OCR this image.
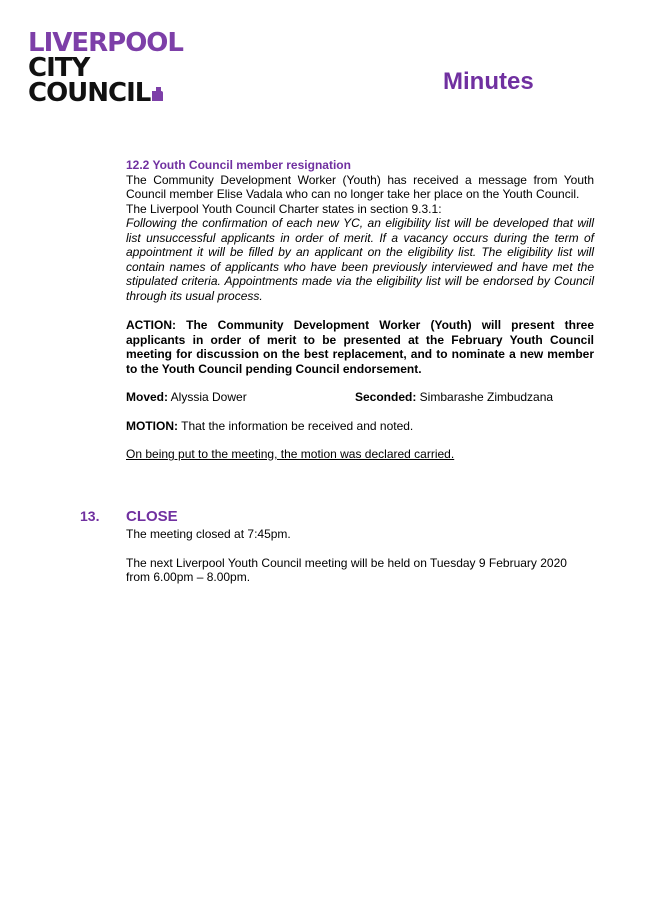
LIVERPOOL
CITY
COUNCIL	Minutes

12.2 Youth Council member resignation

The Community Development Worker (Youth) has received a message from Youth Council member Elise Vadala who can no longer take her place on the Youth Council.

The Liverpool Youth Council Charter states in section 9.3.1:

Following the confirmation of each new YC, an eligibility list will be developed that will list unsuccessful applicants in order of merit. If a vacancy occurs during the term of appointment it will be filled by an applicant on the eligibility list. The eligibility list will contain names of applicants who have been previously interviewed and have met the stipulated criteria. Appointments made via the eligibility list will be endorsed by Council through its usual process.

ACTION: The Community Development Worker (Youth) will present three applicants in order of merit to be presented at the February Youth Council meeting for discussion on the best replacement, and to nominate a new member to the Youth Council pending Council endorsement.

Moved: Alyssia Dower	Seconded: Simbarashe Zimbudzana
MOTION: That the information be received and noted.
On being put to the meeting, the motion was declared carried.
13. CLOSE

The meeting closed at 7:45pm.

The next Liverpool Youth Council meeting will be held on Tuesday 9 February 2020 from 6.00pm – 8.00pm.
